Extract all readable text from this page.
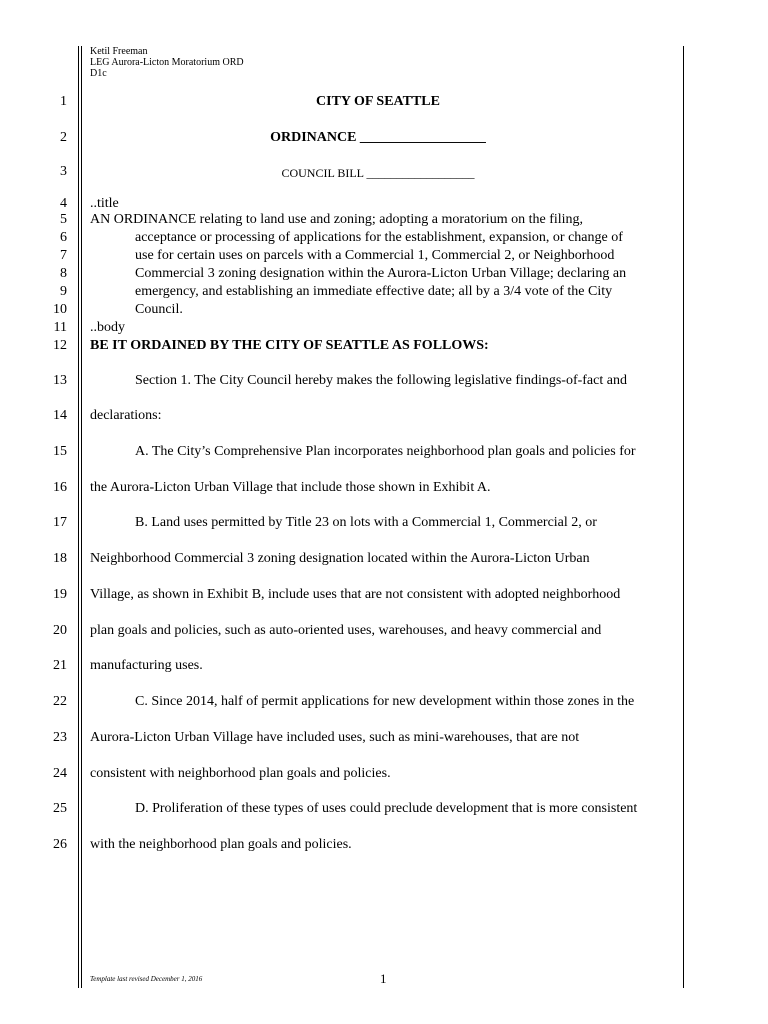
Ketil Freeman
LEG Aurora-Licton Moratorium ORD
D1c
1
2
3
4
5
6
7
8
9
10
11
12
13
14
15
16
17
18
19
20
21
22
23
24
25
26
CITY OF SEATTLE
ORDINANCE __________________
COUNCIL BILL __________________
..title
AN ORDINANCE relating to land use and zoning; adopting a moratorium on the filing,
acceptance or processing of applications for the establishment, expansion, or change of
use for certain uses on parcels with a Commercial 1, Commercial 2, or Neighborhood
Commercial 3 zoning designation within the Aurora-Licton Urban Village; declaring an
emergency, and establishing an immediate effective date; all by a 3/4 vote of the City
Council.
..body
BE IT ORDAINED BY THE CITY OF SEATTLE AS FOLLOWS:
Section 1. The City Council hereby makes the following legislative findings-of-fact and
declarations:
A. The City’s Comprehensive Plan incorporates neighborhood plan goals and policies for
the Aurora-Licton Urban Village that include those shown in Exhibit A.
B. Land uses permitted by Title 23 on lots with a Commercial 1, Commercial 2, or
Neighborhood Commercial 3 zoning designation located within the Aurora-Licton Urban
Village, as shown in Exhibit B, include uses that are not consistent with adopted neighborhood
plan goals and policies, such as auto-oriented uses, warehouses, and heavy commercial and
manufacturing uses.
C. Since 2014, half of permit applications for new development within those zones in the
Aurora-Licton Urban Village have included uses, such as mini-warehouses, that are not
consistent with neighborhood plan goals and policies.
D. Proliferation of these types of uses could preclude development that is more consistent
with the neighborhood plan goals and policies.
Template last revised December 1, 2016	1
